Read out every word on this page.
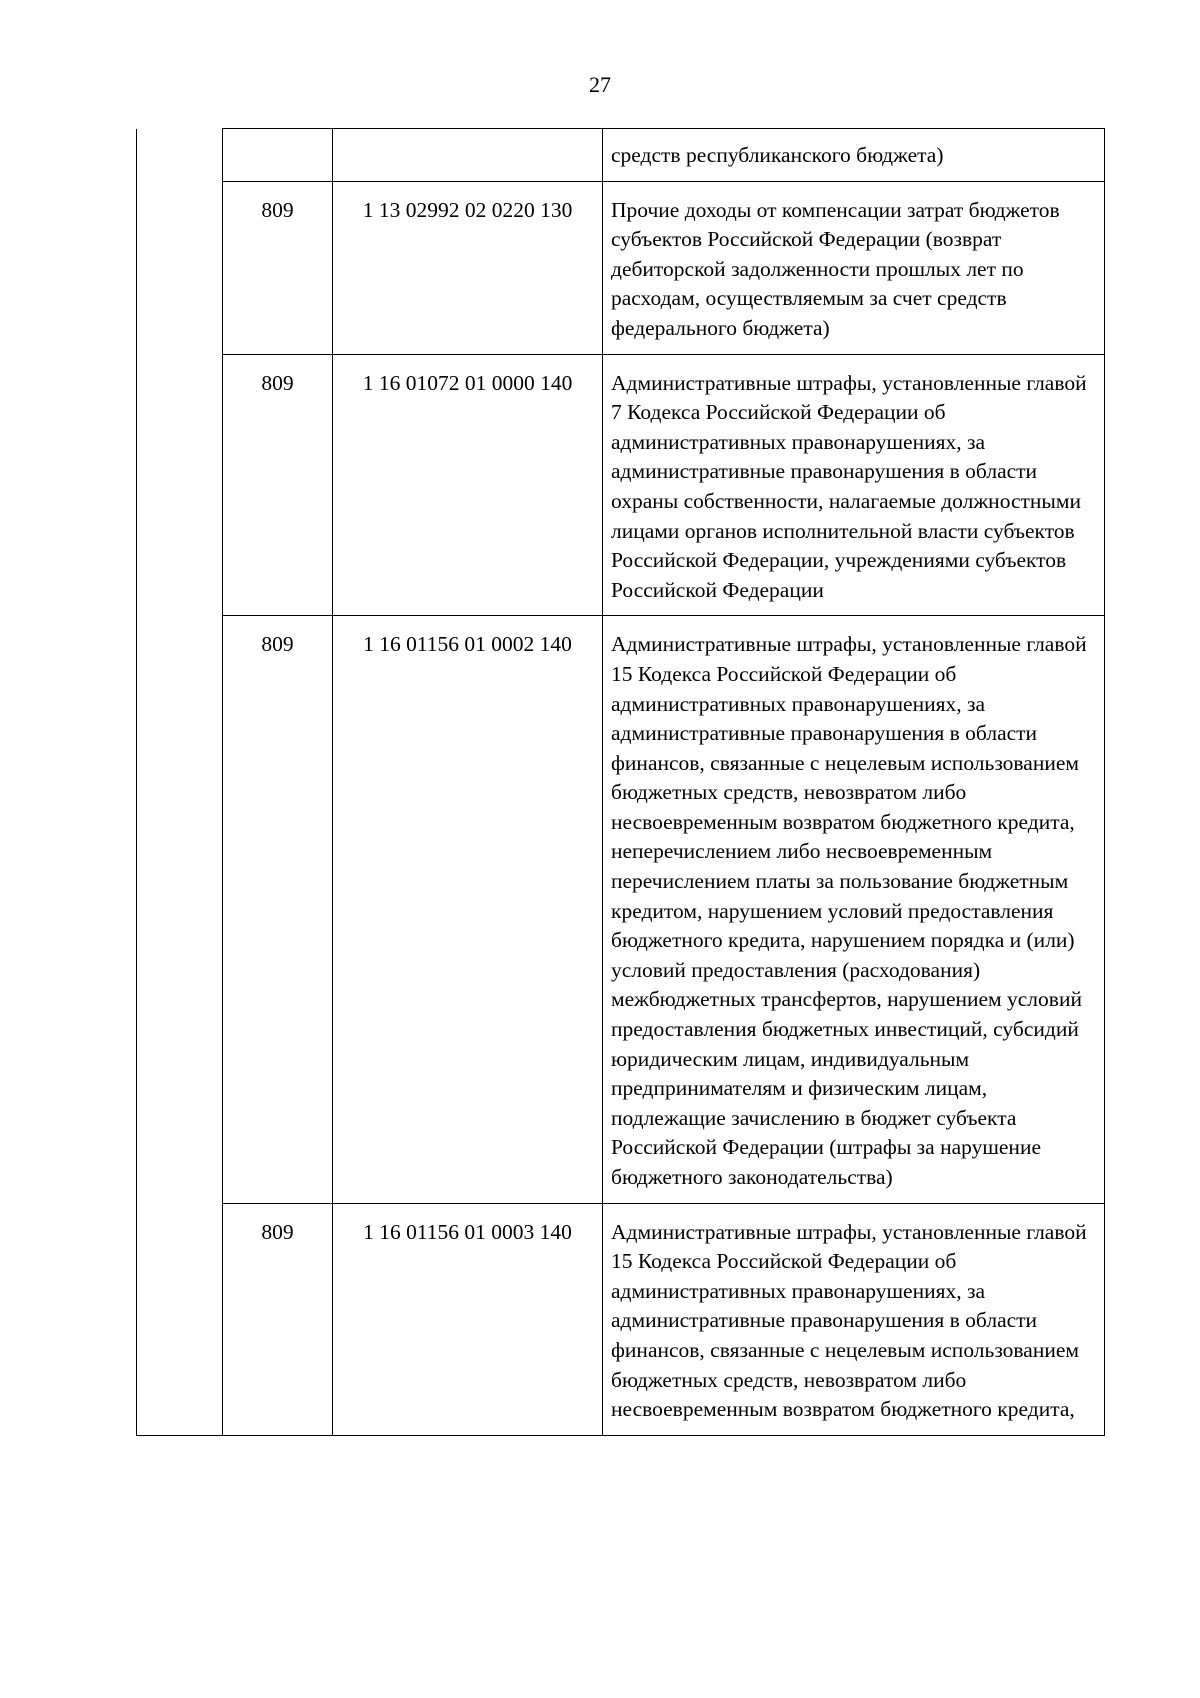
27
			средств республиканского бюджета)
	809	1 13 02992 02 0220 130	Прочие доходы от компенсации затрат бюджетов субъектов Российской Федерации (возврат дебиторской задолженности прошлых лет по расходам, осуществляемым за счет средств федерального бюджета)
	809	1 16 01072 01 0000 140	Административные штрафы, установленные главой 7 Кодекса Российской Федерации об административных правонарушениях, за административные правонарушения в области охраны собственности, налагаемые должностными лицами органов исполнительной власти субъектов Российской Федерации, учреждениями субъектов Российской Федерации
	809	1 16 01156 01 0002 140	Административные штрафы, установленные главой 15 Кодекса Российской Федерации об административных правонарушениях, за административные правонарушения в области финансов, связанные с нецелевым использованием бюджетных средств, невозвратом либо несвоевременным возвратом бюджетного кредита, неперечислением либо несвоевременным перечислением платы за пользование бюджетным кредитом, нарушением условий предоставления бюджетного кредита, нарушением порядка и (или) условий предоставления (расходования) межбюджетных трансфертов, нарушением условий предоставления бюджетных инвестиций, субсидий юридическим лицам, индивидуальным предпринимателям и физическим лицам, подлежащие зачислению в бюджет субъекта Российской Федерации (штрафы за нарушение бюджетного законодательства)
	809	1 16 01156 01 0003 140	Административные штрафы, установленные главой 15 Кодекса Российской Федерации об административных правонарушениях, за административные правонарушения в области финансов, связанные с нецелевым использованием бюджетных средств, невозвратом либо несвоевременным возвратом бюджетного кредита,
